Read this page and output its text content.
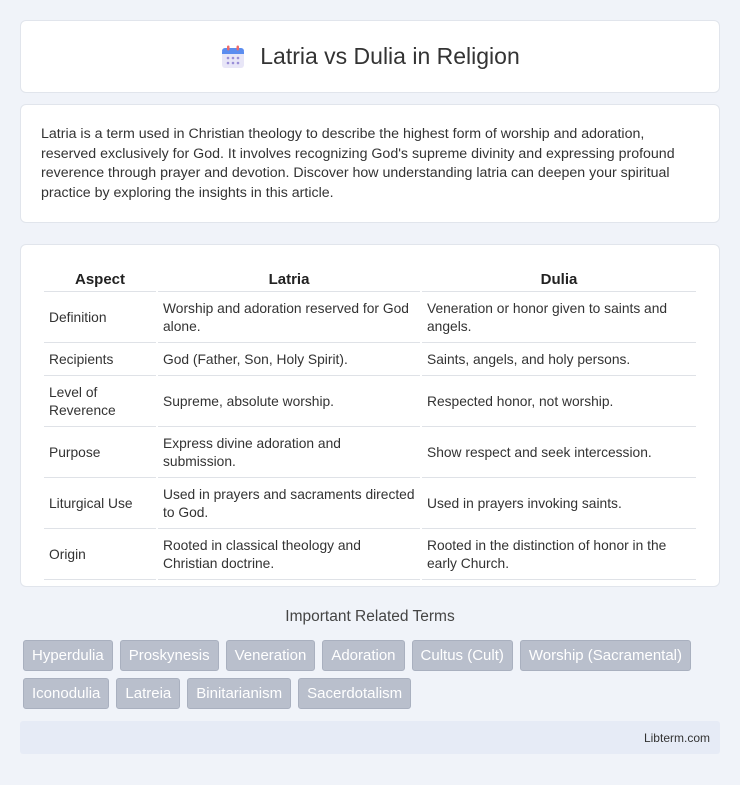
Latria vs Dulia in Religion

Latria is a term used in Christian theology to describe the highest form of worship and adoration, reserved exclusively for God. It involves recognizing God's supreme divinity and expressing profound reverence through prayer and devotion. Discover how understanding latria can deepen your spiritual practice by exploring the insights in this article.

Aspect	Latria	Dulia
Definition	Worship and adoration reserved for God alone.	Veneration or honor given to saints and angels.
Recipients	God (Father, Son, Holy Spirit).	Saints, angels, and holy persons.
Level of Reverence	Supreme, absolute worship.	Respected honor, not worship.
Purpose	Express divine adoration and submission.	Show respect and seek intercession.
Liturgical Use	Used in prayers and sacraments directed to God.	Used in prayers invoking saints.
Origin	Rooted in classical theology and Christian doctrine.	Rooted in the distinction of honor in the early Church.
Important Related Terms
Hyperdulia	Proskynesis	Veneration	Adoration	Cultus (Cult)	Worship (Sacramental)
Iconodulia	Latreia	Binitarianism	Sacerdotalism
Libterm.com
